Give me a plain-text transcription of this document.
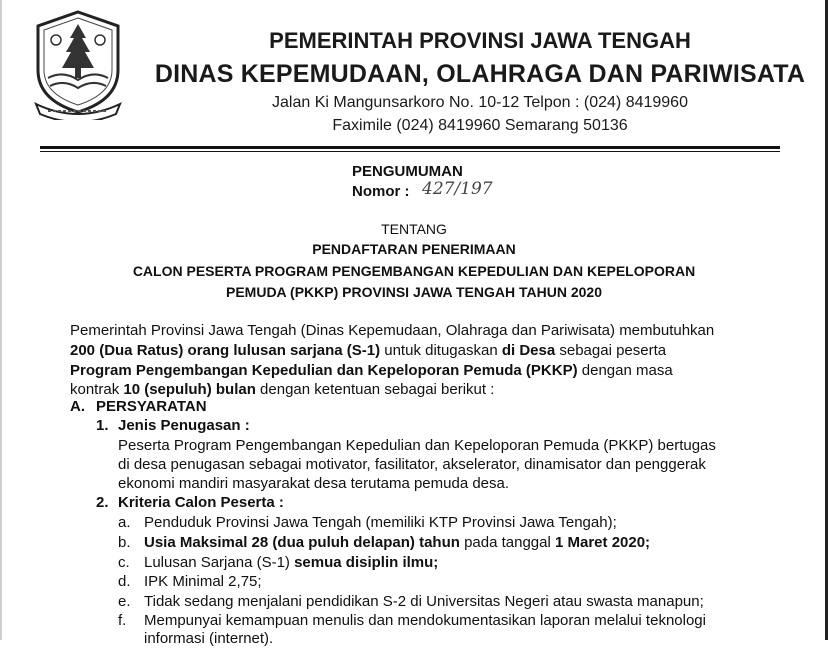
PEMERINTAH PROVINSI JAWA TENGAH
DINAS KEPEMUDAAN, OLAHRAGA DAN PARIWISATA
Jalan Ki Mangunsarkoro No. 10-12 Telpon : (024) 8419960
Faximile (024) 8419960 Semarang 50136
PENGUMUMAN
Nomor : 427/197
TENTANG
PENDAFTARAN PENERIMAAN
CALON PESERTA PROGRAM PENGEMBANGAN KEPEDULIAN DAN KEPELOPORAN
PEMUDA (PKKP) PROVINSI JAWA TENGAH TAHUN 2020
Pemerintah Provinsi Jawa Tengah (Dinas Kepemudaan, Olahraga dan Pariwisata) membutuhkan
200 (Dua Ratus) orang lulusan sarjana (S-1) untuk ditugaskan di Desa sebagai peserta
Program Pengembangan Kepedulian dan Kepeloporan Pemuda (PKKP) dengan masa
kontrak 10 (sepuluh) bulan dengan ketentuan sebagai berikut :
A. PERSYARATAN
1. Jenis Penugasan :
Peserta Program Pengembangan Kepedulian dan Kepeloporan Pemuda (PKKP) bertugas
di desa penugasan sebagai motivator, fasilitator, akselerator, dinamisator dan penggerak
ekonomi mandiri masyarakat desa terutama pemuda desa.
2. Kriteria Calon Peserta :
a. Penduduk Provinsi Jawa Tengah (memiliki KTP Provinsi Jawa Tengah);
b. Usia Maksimal 28 (dua puluh delapan) tahun pada tanggal 1 Maret 2020;
c. Lulusan Sarjana (S-1) semua disiplin ilmu;
d. IPK Minimal 2,75;
e. Tidak sedang menjalani pendidikan S-2 di Universitas Negeri atau swasta manapun;
f. Mempunyai kemampuan menulis dan mendokumentasikan laporan melalui teknologi
informasi (internet).
